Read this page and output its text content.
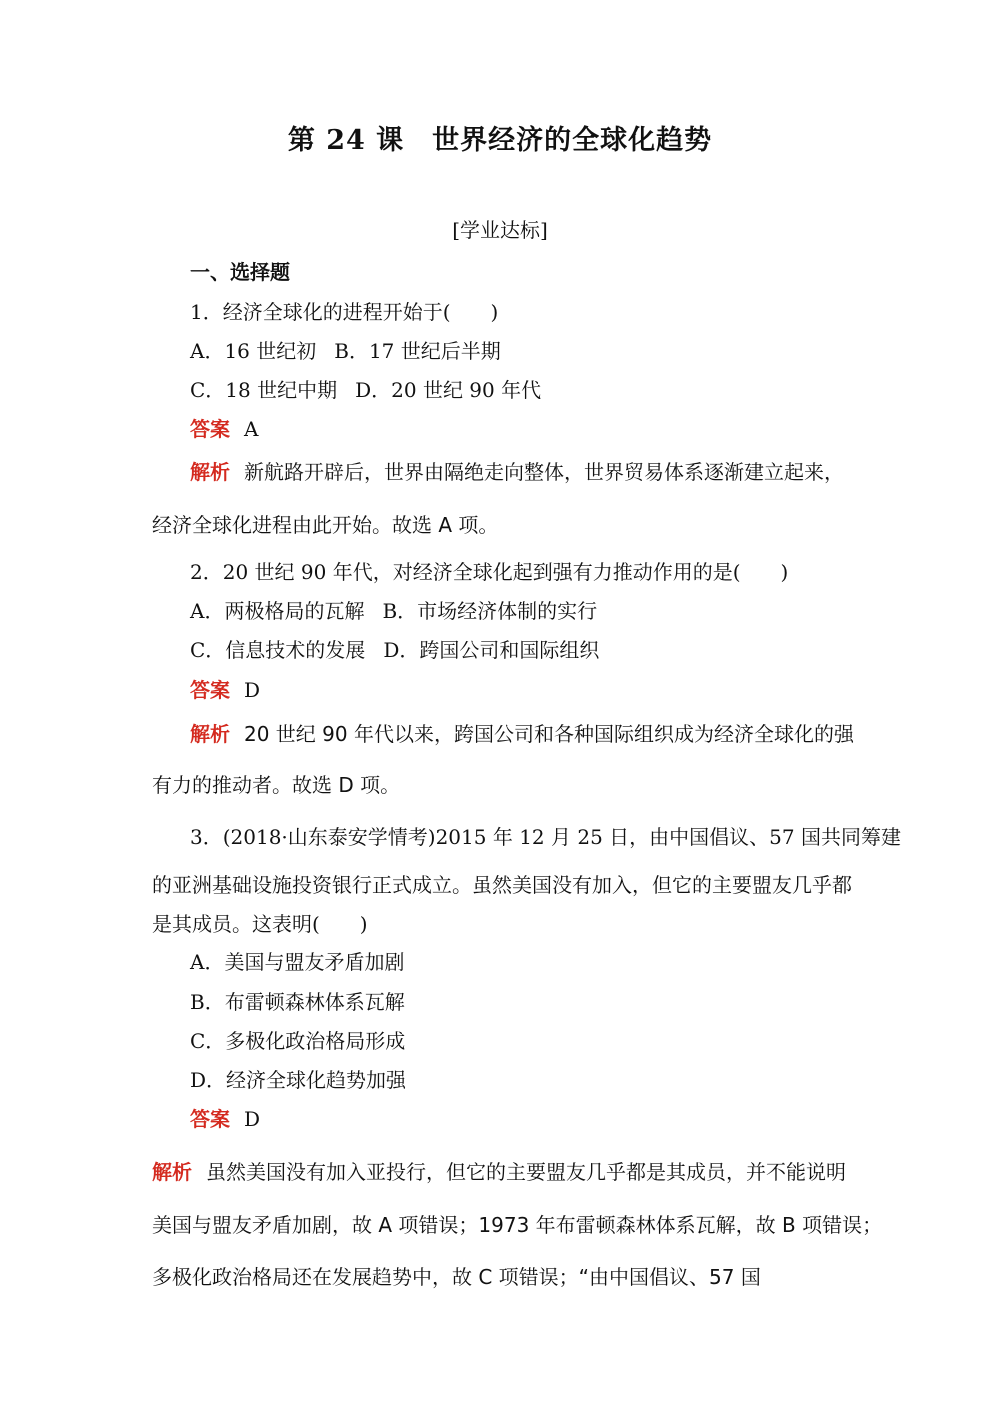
第 24 课　世界经济的全球化趋势
[学业达标]
一、选择题
1．经济全球化的进程开始于(　　)
A．16 世纪初 B．17 世纪后半期
C．18 世纪中期 D．20 世纪 90 年代
答案 A
解析 新航路开辟后，世界由隔绝走向整体，世界贸易体系逐渐建立起来，
经济全球化进程由此开始。故选 A 项。
2．20 世纪 90 年代，对经济全球化起到强有力推动作用的是(　　)
A．两极格局的瓦解 B．市场经济体制的实行
C．信息技术的发展 D．跨国公司和国际组织
答案 D
解析 20 世纪 90 年代以来，跨国公司和各种国际组织成为经济全球化的强
有力的推动者。故选 D 项。
3．(2018·山东泰安学情考)2015 年 12 月 25 日，由中国倡议、57 国共同筹建
的亚洲基础设施投资银行正式成立。虽然美国没有加入，但它的主要盟友几乎都
是其成员。这表明(　　)
A．美国与盟友矛盾加剧
B．布雷顿森林体系瓦解
C．多极化政治格局形成
D．经济全球化趋势加强
答案 D
解析 虽然美国没有加入亚投行，但它的主要盟友几乎都是其成员，并不能说明
美国与盟友矛盾加剧，故 A 项错误；1973 年布雷顿森林体系瓦解，故 B 项错误；
多极化政治格局还在发展趋势中，故 C 项错误；“由中国倡议、57 国
